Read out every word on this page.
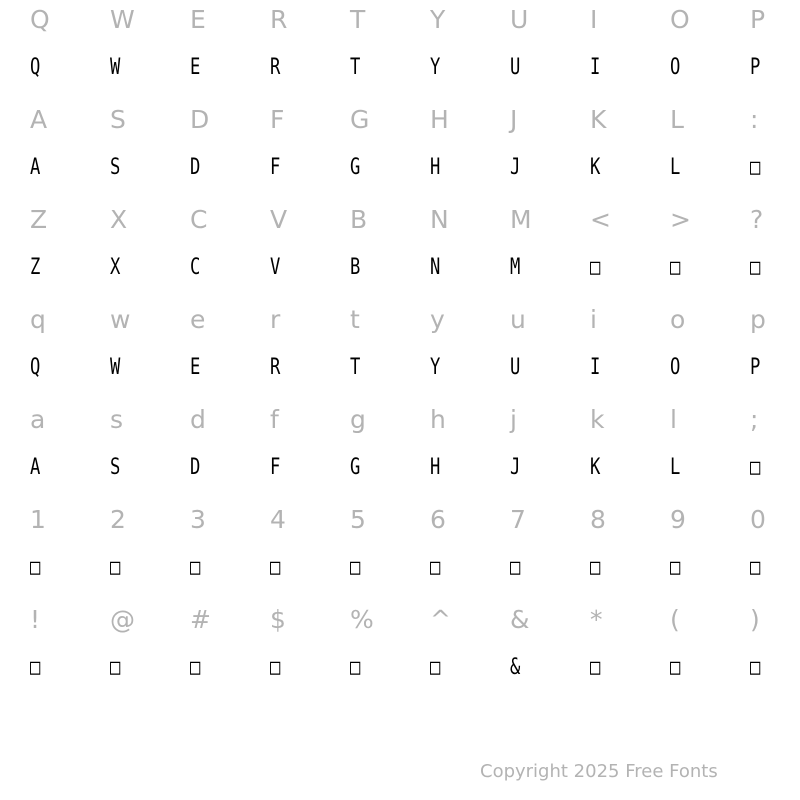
Q
Q
W
W
E
E
R
R
T
T
Y
Y
U
U
I
I
O
O
P
P
A
A
S
S
D
D
F
F
G
G
H
H
J
J
K
K
L
L
:
□
Z
Z
X
X
C
C
V
V
B
B
N
N
M
M
<
□
>
□
?
□
q
Q
w
W
e
E
r
R
t
T
y
Y
u
U
i
I
o
O
p
P
a
A
s
S
d
D
f
F
g
G
h
H
j
J
k
K
l
L
;
□
1
□
2
□
3
□
4
□
5
□
6
□
7
□
8
□
9
□
0
□
!
□
@
□
#
□
$
□
%
□
^
□
&
&
*
□
(
□
)
□
Copyright 2025 Free Fonts
